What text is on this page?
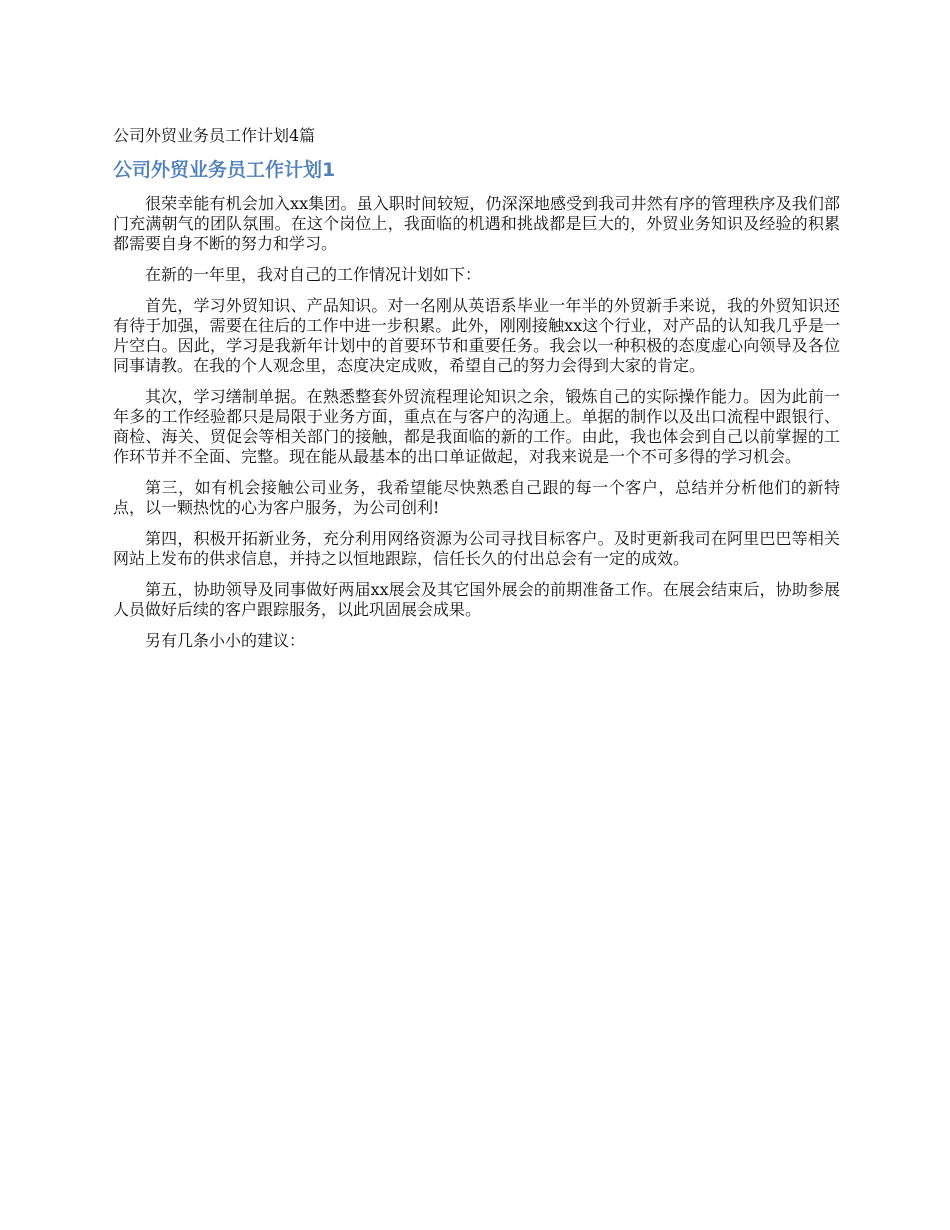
公司外贸业务员工作计划4篇
公司外贸业务员工作计划1

很荣幸能有机会加入xx集团。虽入职时间较短，仍深深地感受到我司井然有序的管理秩序及我们部门充满朝气的团队氛围。在这个岗位上，我面临的机遇和挑战都是巨大的，外贸业务知识及经验的积累都需要自身不断的努力和学习。

在新的一年里，我对自己的工作情况计划如下：

首先，学习外贸知识、产品知识。对一名刚从英语系毕业一年半的外贸新手来说，我的外贸知识还有待于加强，需要在往后的工作中进一步积累。此外，刚刚接触xx这个行业，对产品的认知我几乎是一片空白。因此，学习是我新年计划中的首要环节和重要任务。我会以一种积极的态度虚心向领导及各位同事请教。在我的个人观念里，态度决定成败，希望自己的努力会得到大家的肯定。

其次，学习缮制单据。在熟悉整套外贸流程理论知识之余，锻炼自己的实际操作能力。因为此前一年多的工作经验都只是局限于业务方面，重点在与客户的沟通上。单据的制作以及出口流程中跟银行、商检、海关、贸促会等相关部门的接触，都是我面临的新的工作。由此，我也体会到自己以前掌握的工作环节并不全面、完整。现在能从最基本的出口单证做起，对我来说是一个不可多得的学习机会。

第三，如有机会接触公司业务，我希望能尽快熟悉自己跟的每一个客户，总结并分析他们的新特点，以一颗热忱的心为客户服务，为公司创利!

第四，积极开拓新业务，充分利用网络资源为公司寻找目标客户。及时更新我司在阿里巴巴等相关网站上发布的供求信息，并持之以恒地跟踪，信任长久的付出总会有一定的成效。

第五，协助领导及同事做好两届xx展会及其它国外展会的前期准备工作。在展会结束后，协助参展人员做好后续的客户跟踪服务，以此巩固展会成果。

另有几条小小的建议：
